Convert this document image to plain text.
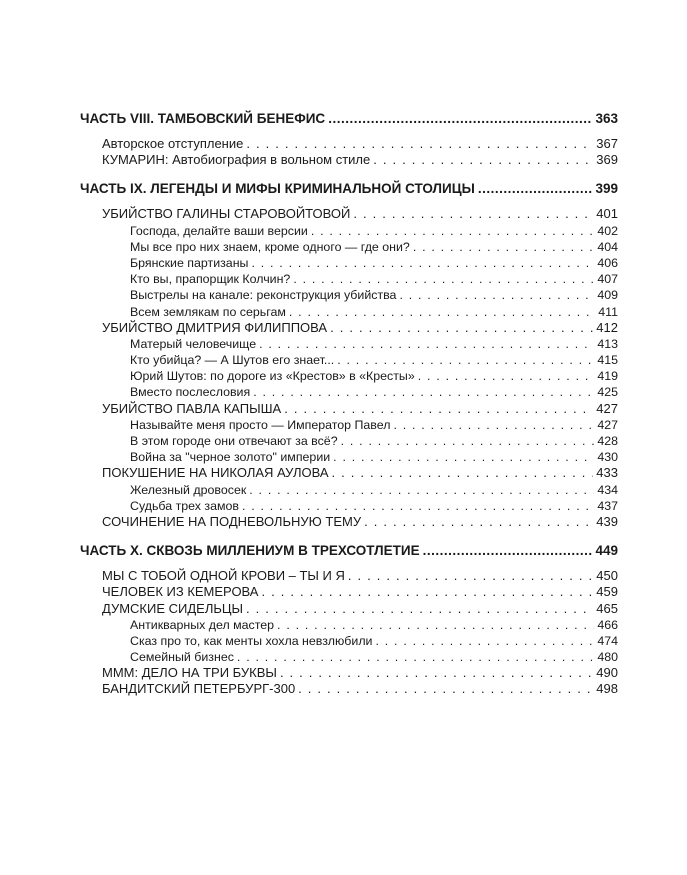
ЧАСТЬ VIII. ТАМБОВСКИЙ БЕНЕФИС .....	363
Авторское отступление . . .	367
КУМАРИН: Автобиография в вольном стиле . . .	369
ЧАСТЬ IX. ЛЕГЕНДЫ И МИФЫ КРИМИНАЛЬНОЙ СТОЛИЦЫ .....	399
УБИЙСТВО ГАЛИНЫ СТАРОВОЙТОВОЙ . . .	401
Господа, делайте ваши версии . . .	402
Мы все про них знаем, кроме одного — где они? . . .	404
Брянские партизаны . . .	406
Кто вы, прапорщик Колчин? . . .	407
Выстрелы на канале: реконструкция убийства . . .	409
Всем землякам по серьгам . . .	411
УБИЙСТВО ДМИТРИЯ ФИЛИППОВА . . .	412
Матерый человечище . . .	413
Кто убийца? — А Шутов его знает... . . .	415
Юрий Шутов: по дороге из «Крестов» в «Кресты» . . .	419
Вместо послесловия . . .	425
УБИЙСТВО ПАВЛА КАПЫША . . .	427
Называйте меня просто — Император Павел . . .	427
В этом городе они отвечают за всё? . . .	428
Война за "черное золото" империи . . .	430
ПОКУШЕНИЕ НА НИКОЛАЯ АУЛОВА . . .	433
Железный дровосек . . .	434
Судьба трех замов . . .	437
СОЧИНЕНИЕ НА ПОДНЕВОЛЬНУЮ ТЕМУ . . .	439
ЧАСТЬ X. СКВОЗЬ МИЛЛЕНИУМ В ТРЕХСОТЛЕТИЕ .....	449
МЫ С ТОБОЙ ОДНОЙ КРОВИ – ТЫ И Я . . .	450
ЧЕЛОВЕК ИЗ КЕМЕРОВА . . .	459
ДУМСКИЕ СИДЕЛЬЦЫ . . .	465
Антикварных дел мастер . . .	466
Сказ про то, как менты хохла невзлюбили . . .	474
Семейный бизнес . . .	480
МММ: ДЕЛО НА ТРИ БУКВЫ . . .	490
БАНДИТСКИЙ ПЕТЕРБУРГ-300 . . .	498
